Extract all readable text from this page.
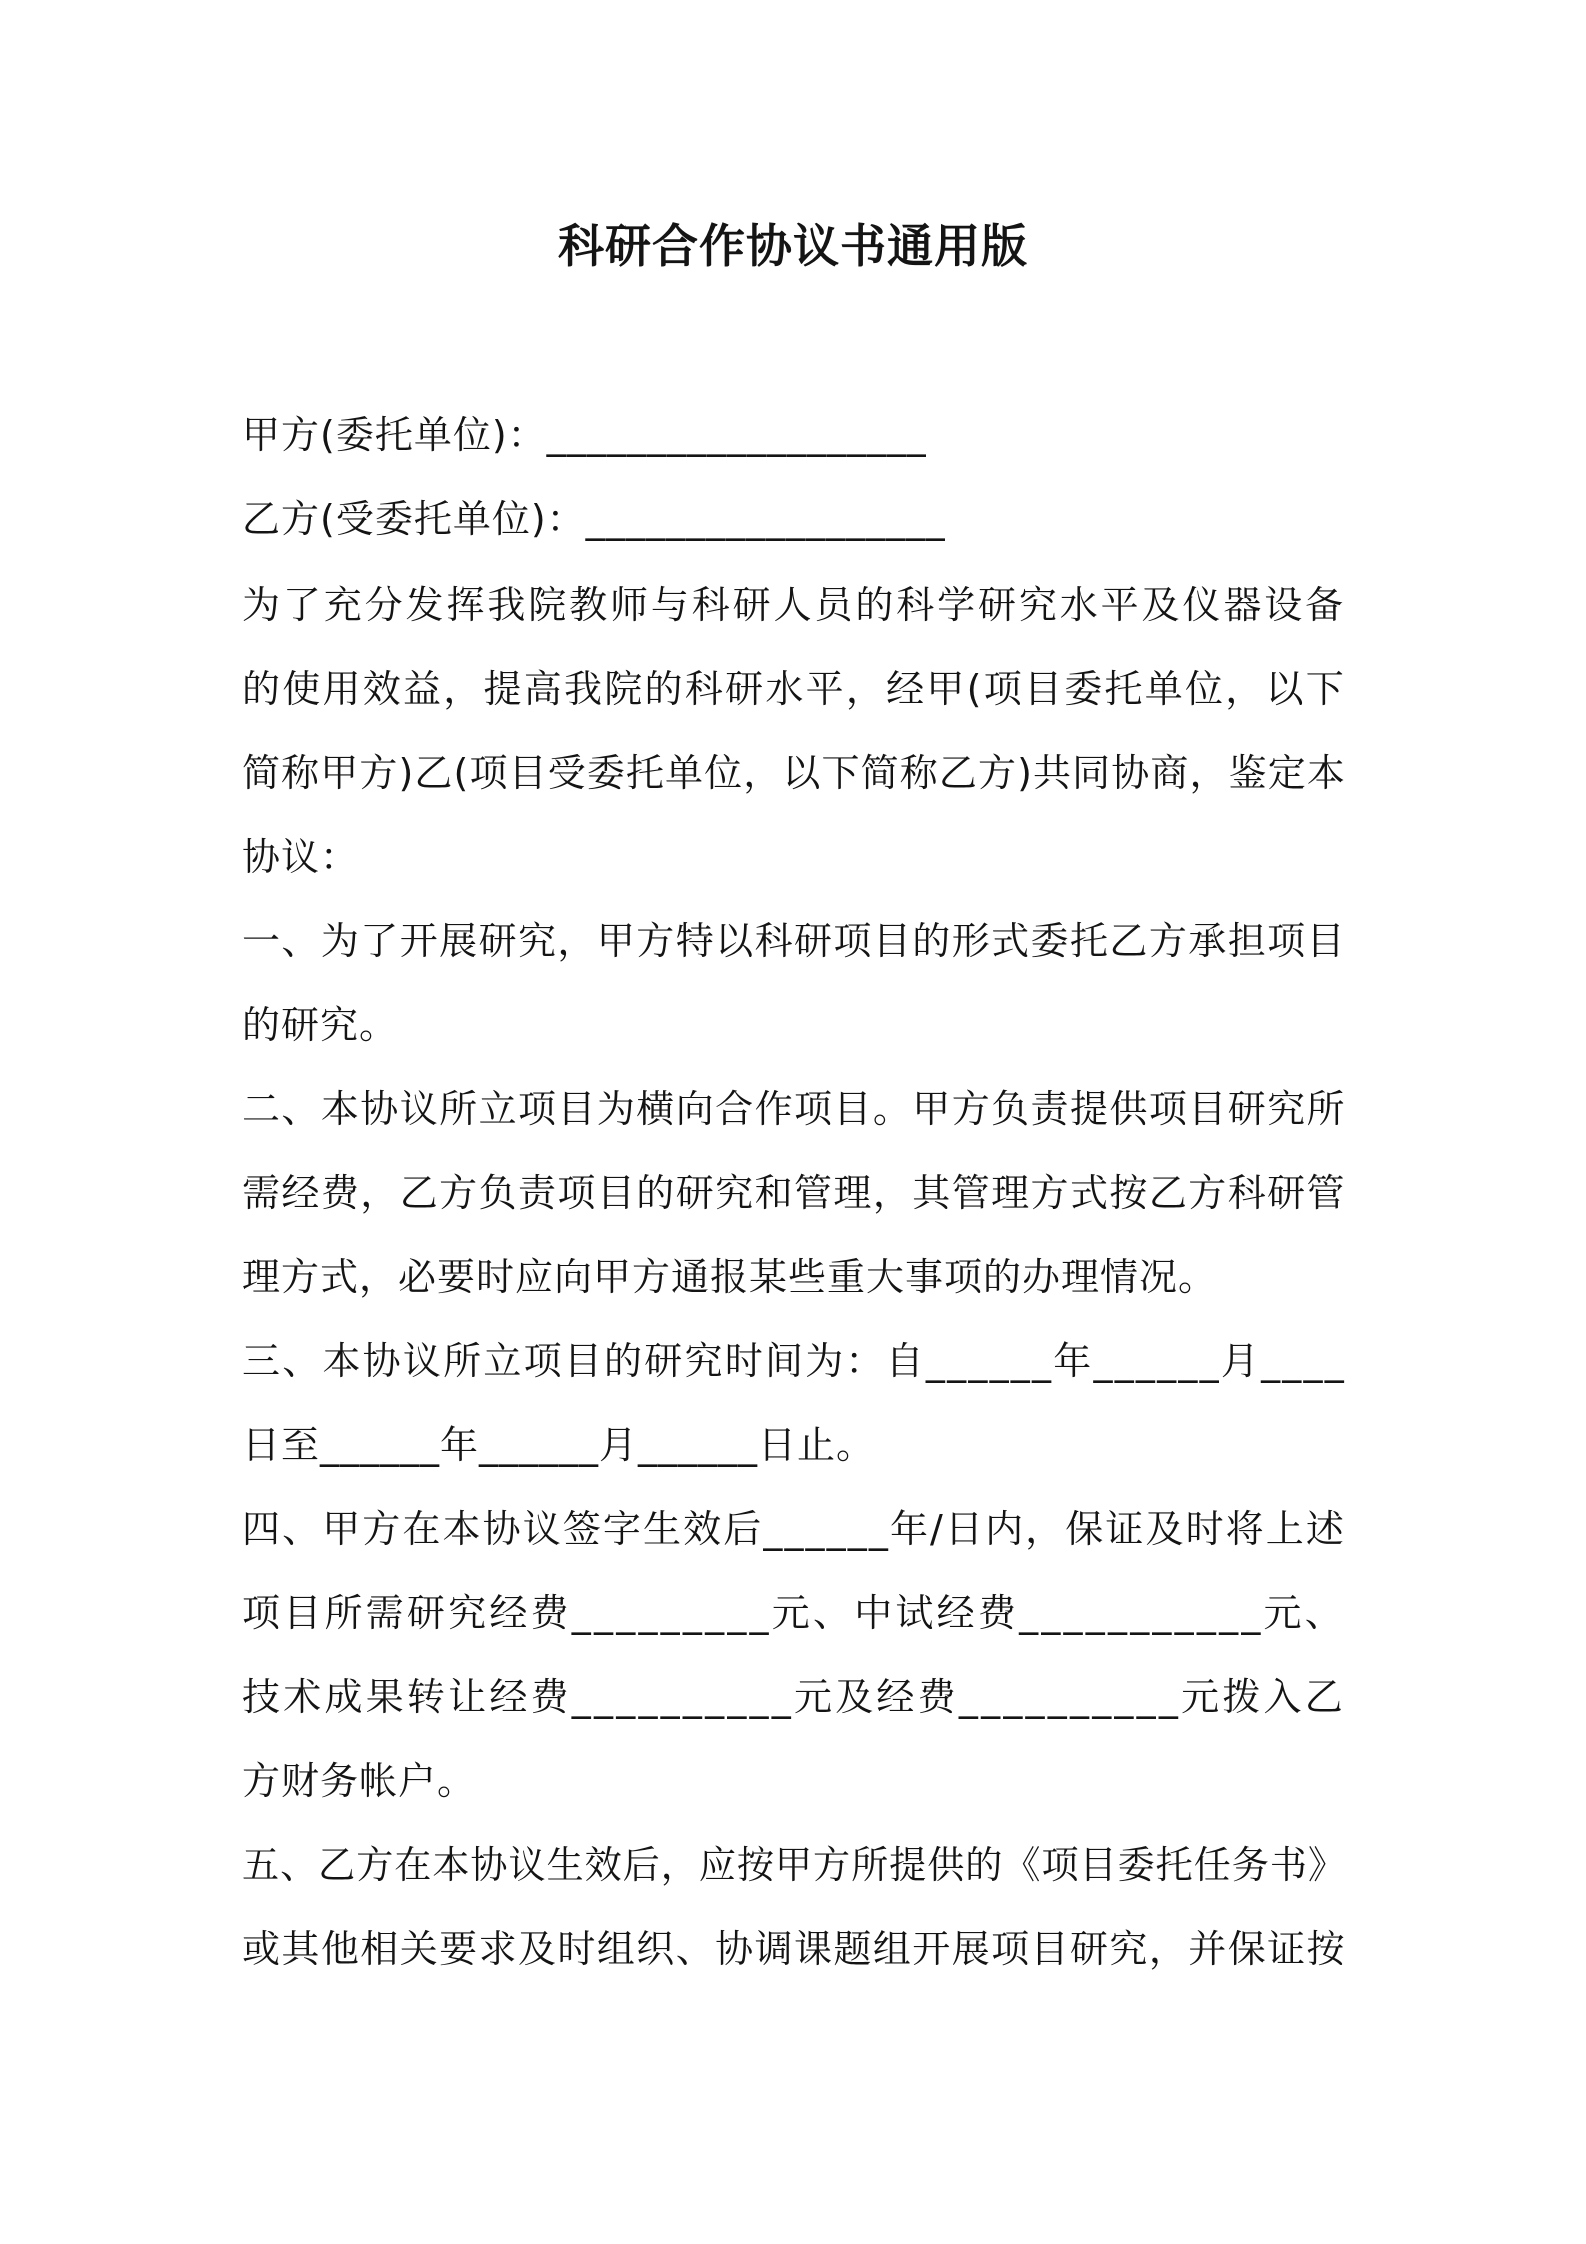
科研合作协议书通用版
甲方(委托单位)：___________________
乙方(受委托单位)：__________________
为了充分发挥我院教师与科研人员的科学研究水平及仪器设备
的使用效益，提高我院的科研水平，经甲(项目委托单位，以下
简称甲方)乙(项目受委托单位，以下简称乙方)共同协商，鉴定本
协议：
一、为了开展研究，甲方特以科研项目的形式委托乙方承担项目
的研究。
二、本协议所立项目为横向合作项目。甲方负责提供项目研究所
需经费，乙方负责项目的研究和管理，其管理方式按乙方科研管
理方式，必要时应向甲方通报某些重大事项的办理情况。
三、本协议所立项目的研究时间为：自______年______月____
日至______年______月______日止。
四、甲方在本协议签字生效后______年/日内，保证及时将上述
项目所需研究经费_________元、中试经费___________元、
技术成果转让经费__________元及经费__________元拨入乙
方财务帐户。
五、乙方在本协议生效后，应按甲方所提供的《项目委托任务书》
或其他相关要求及时组织、协调课题组开展项目研究，并保证按
